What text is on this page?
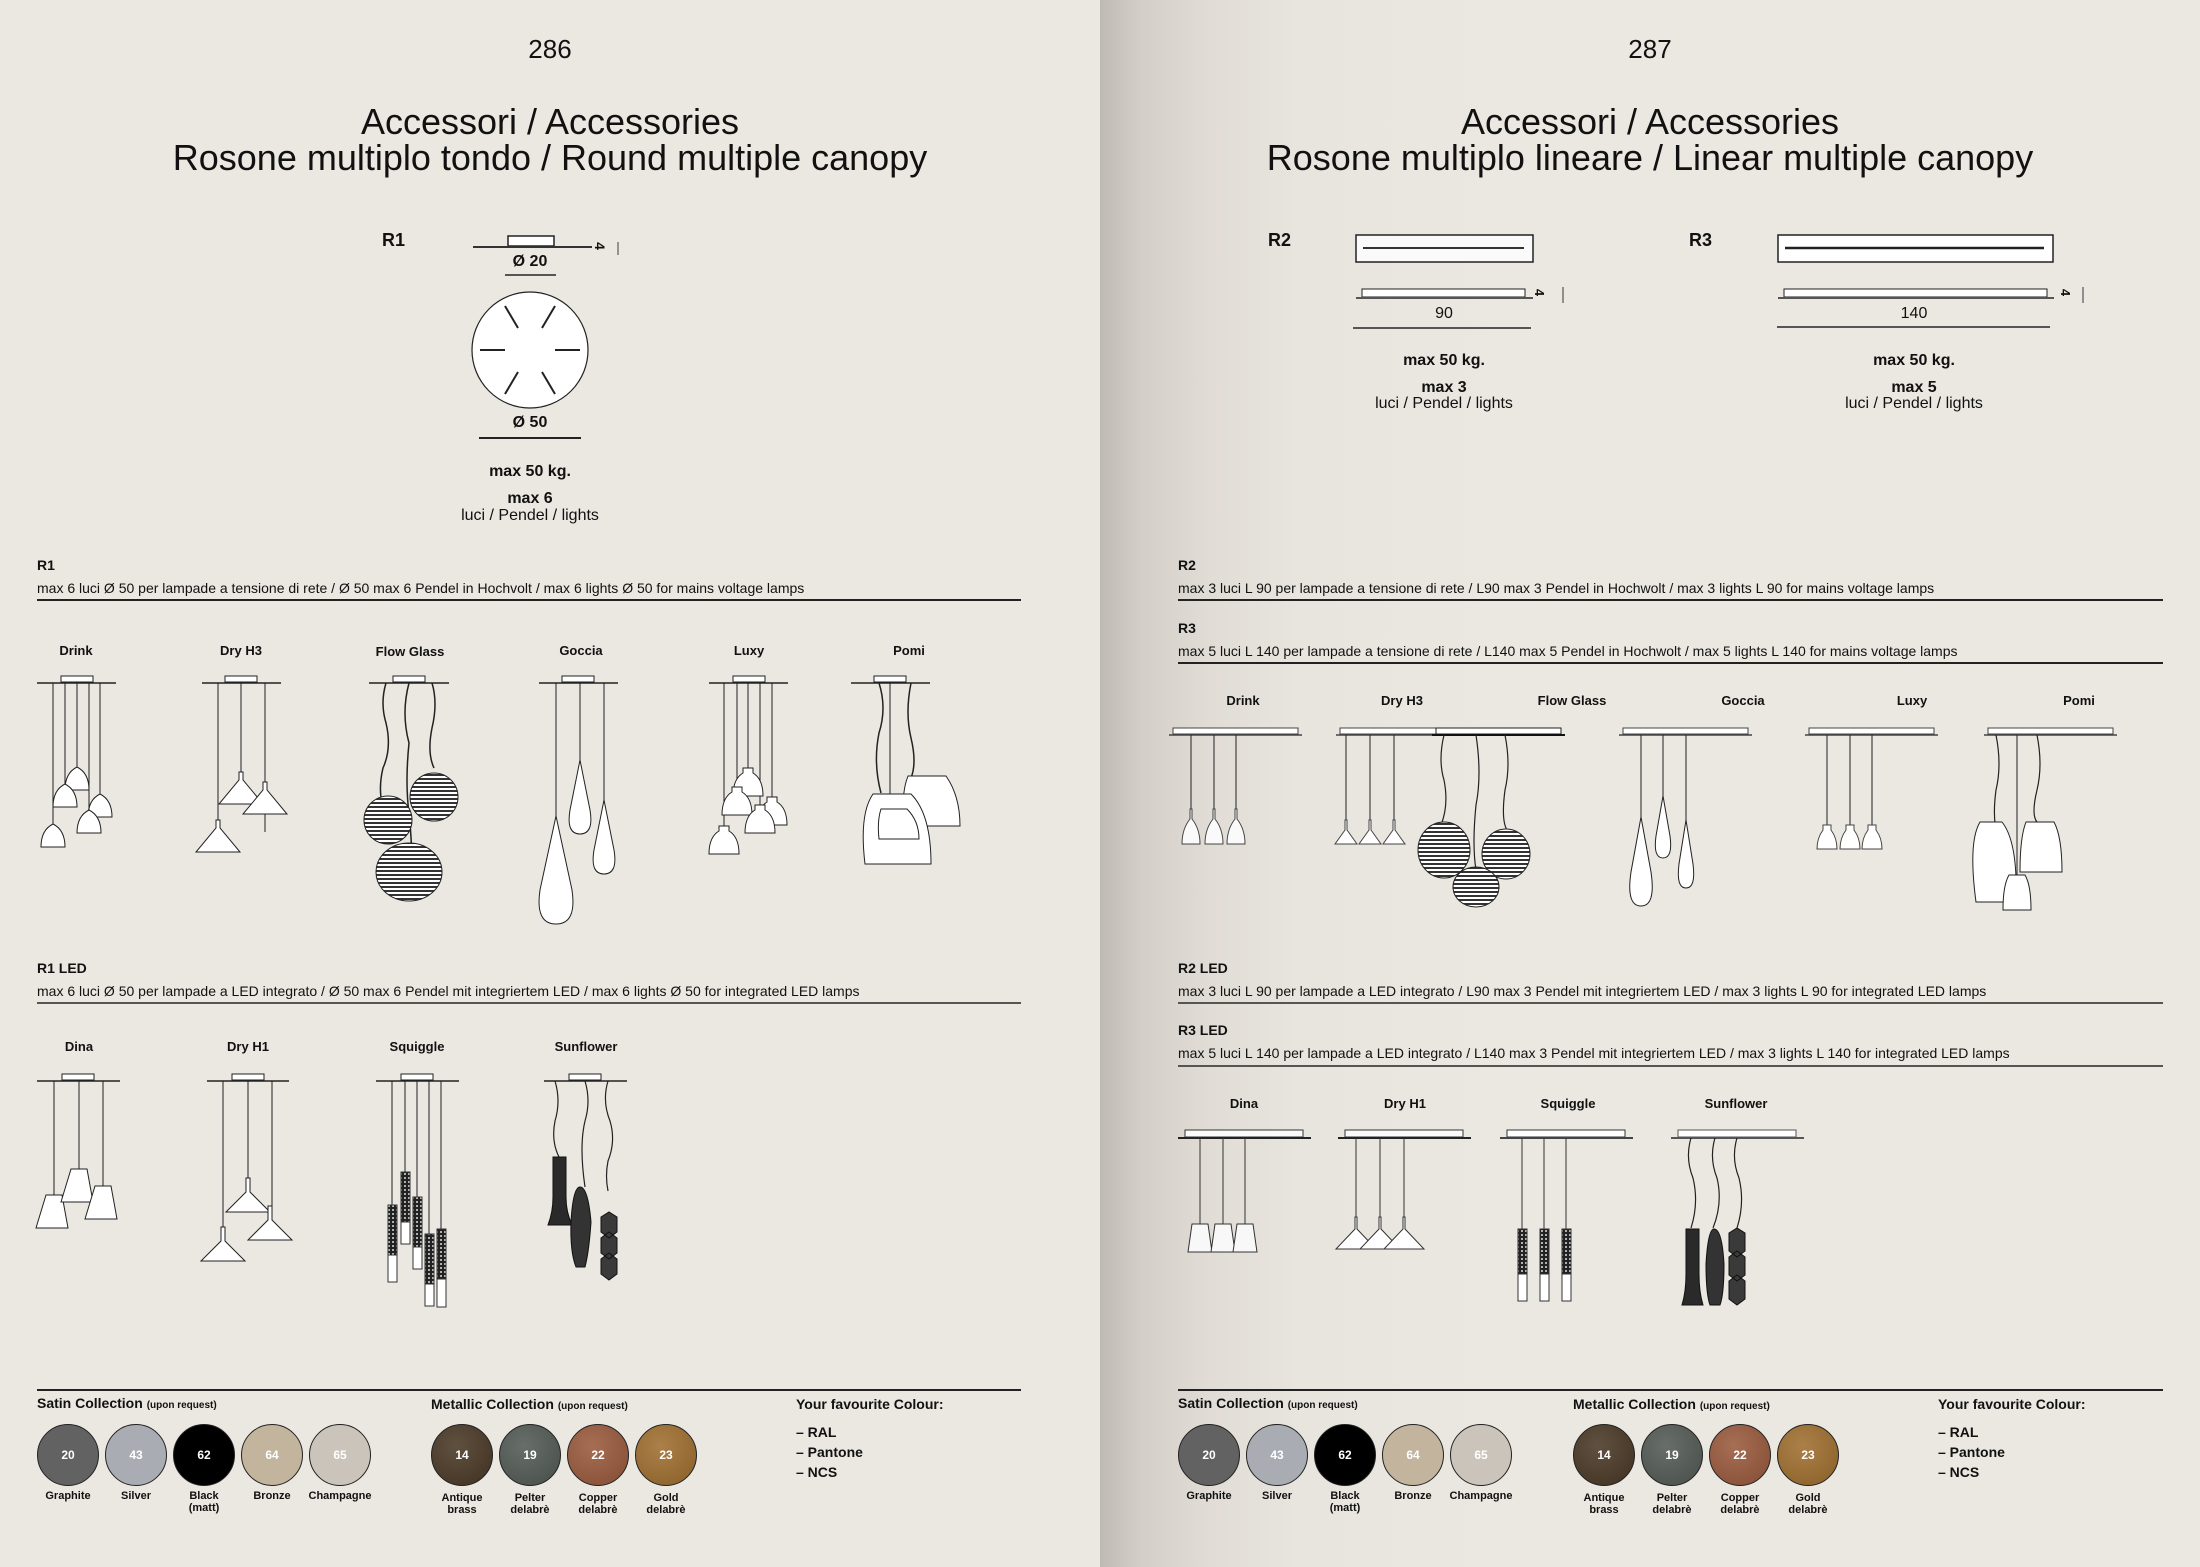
286
Accessori / Accessories
Rosone multiplo tondo / Round multiple canopy
R1	4
Ø 20
Ø 50
max 50 kg.
max 6
luci / Pendel / lights
R1
max 6 luci Ø 50 per lampade a tensione di rete / Ø 50 max 6 Pendel in Hochvolt / max 6 lights Ø 50 for mains voltage lamps
Drink	Dry H3	Flow Glass	Goccia	Luxy	Pomi
R1 LED
max 6 luci Ø 50 per lampade a LED integrato / Ø 50 max 6 Pendel mit integriertem LED / max 6 lights Ø 50 for integrated LED lamps
Dina	Dry H1	Squiggle	Sunflower
Satin Collection (upon request)
20	43	62	64	65
Graphite	Silver	Black (matt)
Bronze	Champagne
Metallic Collection (upon request)
14	19	22	23
Antique brass
Pelter delabrè
Copper delabrè
Gold delabrè
Your favourite Colour:
– RAL
– Pantone
– NCS
287
Accessori / Accessories
Rosone multiplo lineare / Linear multiple canopy
R2
4
90
max 50 kg.
max 3
luci / Pendel / lights
R3
4
140
max 50 kg.
max 5
luci / Pendel / lights
R2
max 3 luci L 90 per lampade a tensione di rete / L90 max 3 Pendel in Hochwolt / max 3 lights L 90 for mains voltage lamps
R3
max 5 luci L 140 per lampade a tensione di rete / L140 max 5 Pendel in Hochwolt / max 5 lights L 140 for mains voltage lamps
Drink	Dry H3	Flow Glass	Goccia	Luxy	Pomi
R2 LED
max 3 luci L 90 per lampade a LED integrato / L90 max 3 Pendel mit integriertem LED / max 3 lights L 90 for integrated LED lamps
R3 LED
max 5 luci L 140 per lampade a LED integrato / L140 max 3 Pendel mit integriertem LED / max 3 lights L 140 for integrated LED lamps
Dina	Dry H1	Squiggle	Sunflower
Satin Collection (upon request)
20	43	62	64	65
Graphite	Silver	Black (matt)
Bronze	Champagne
Metallic Collection (upon request)
14	19	22	23
Antique brass
Pelter delabrè
Copper delabrè
Gold delabrè
Your favourite Colour:
– RAL
– Pantone
– NCS
